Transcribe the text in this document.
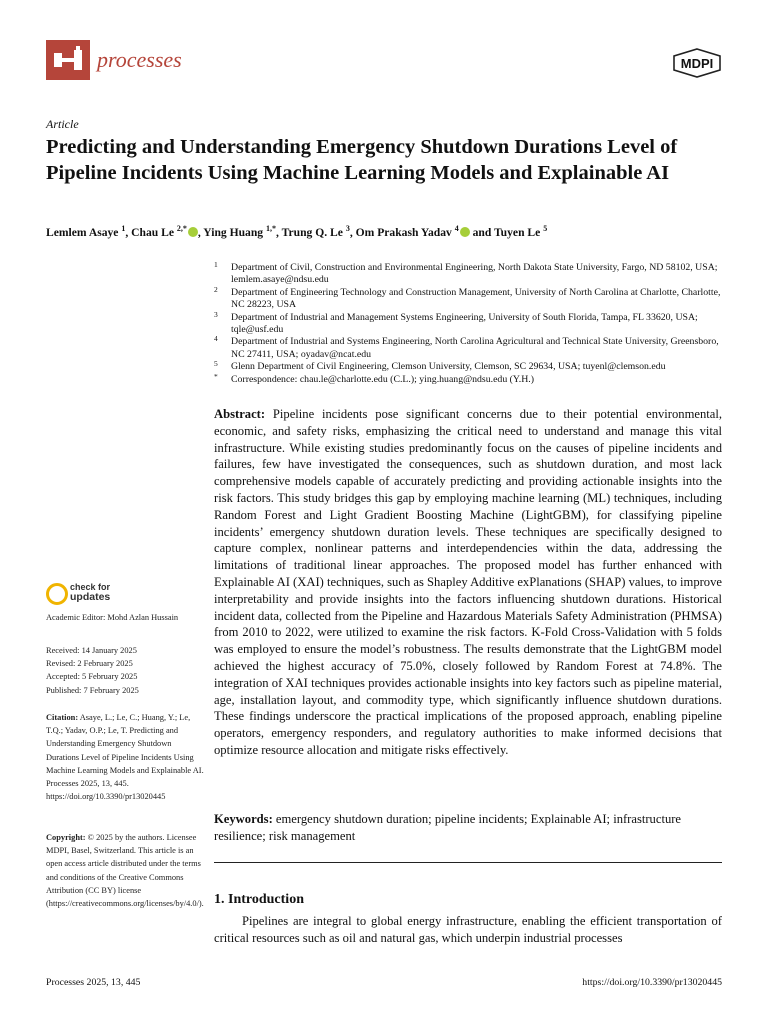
processes	MDPI
Article
Predicting and Understanding Emergency Shutdown Durations Level of Pipeline Incidents Using Machine Learning Models and Explainable AI
Lemlem Asaye $^1$, Chau Le $^{2,*}$ , Ying Huang $^{1,*}$, Trung Q. Le $^3$, Om Prakash Yadav $^4$ and Tuyen Le $^5$
1 Department of Civil, Construction and Environmental Engineering, North Dakota State University, Fargo, ND 58102, USA; lemlem.asaye@ndsu.edu
2 Department of Engineering Technology and Construction Management, University of North Carolina at Charlotte, Charlotte, NC 28223, USA
3 Department of Industrial and Management Systems Engineering, University of South Florida, Tampa, FL 33620, USA; tqle@usf.edu
4 Department of Industrial and Systems Engineering, North Carolina Agricultural and Technical State University, Greensboro, NC 27411, USA; oyadav@ncat.edu
5 Glenn Department of Civil Engineering, Clemson University, Clemson, SC 29634, USA; tuyenl@clemson.edu
* Correspondence: chau.le@charlotte.edu (C.L.); ying.huang@ndsu.edu (Y.H.)

Abstract: Pipeline incidents pose significant concerns due to their potential environmental, economic, and safety risks, emphasizing the critical need to understand and manage this vital infrastructure. While existing studies predominantly focus on the causes of pipeline incidents and failures, few have investigated the consequences, such as shutdown duration, and most lack comprehensive models capable of accurately predicting and providing actionable insights into the risk factors. This study bridges this gap by employing machine learning (ML) techniques, including Random Forest and Light Gradient Boosting Machine (LightGBM), for classifying pipeline incidents’ emergency shutdown duration levels. These techniques are specifically designed to capture complex, nonlinear patterns and interdependencies within the data, addressing the limitations of traditional linear approaches. The proposed model has further enhanced with Explainable AI (XAI) techniques, such as Shapley Additive exPlanations (SHAP) values, to improve interpretability and provide insights into the factors influencing shutdown durations. Historical incident data, collected from the Pipeline and Hazardous Materials Safety Administration (PHMSA) from 2010 to 2022, were utilized to examine the risk factors. K-Fold Cross-Validation with 5 folds was employed to ensure the model’s robustness. The results demonstrate that the LightGBM model achieved the highest accuracy of 75.0%, closely followed by Random Forest at 74.8%. The integration of XAI techniques provides actionable insights into key factors such as pipeline material, age, installation layout, and commodity type, which significantly influence shutdown durations. These findings underscore the practical implications of the proposed approach, enabling pipeline operators, emergency responders, and regulatory authorities to make informed decisions that optimize resource allocation and mitigate risks effectively.

Keywords: emergency shutdown duration; pipeline incidents; Explainable AI; infrastructure resilience; risk management

1. Introduction

Pipelines are integral to global energy infrastructure, enabling the efficient transportation of critical resources such as oil and natural gas, which underpin industrial processes

check for
updates
Academic Editor: Mohd Azlan Hussain
Received: 14 January 2025
Revised: 2 February 2025
Accepted: 5 February 2025
Published: 7 February 2025
Citation: Asaye, L.; Le, C.; Huang, Y.; Le, T.Q.; Yadav, O.P.; Le, T. Predicting and Understanding Emergency Shutdown Durations Level of Pipeline Incidents Using Machine Learning Models and Explainable AI. Processes 2025, 13, 445. https://doi.org/10.3390/pr13020445
Copyright: © 2025 by the authors. Licensee MDPI, Basel, Switzerland. This article is an open access article distributed under the terms and conditions of the Creative Commons Attribution (CC BY) license (https://creativecommons.org/licenses/by/4.0/).
Processes 2025, 13, 445	https://doi.org/10.3390/pr13020445
